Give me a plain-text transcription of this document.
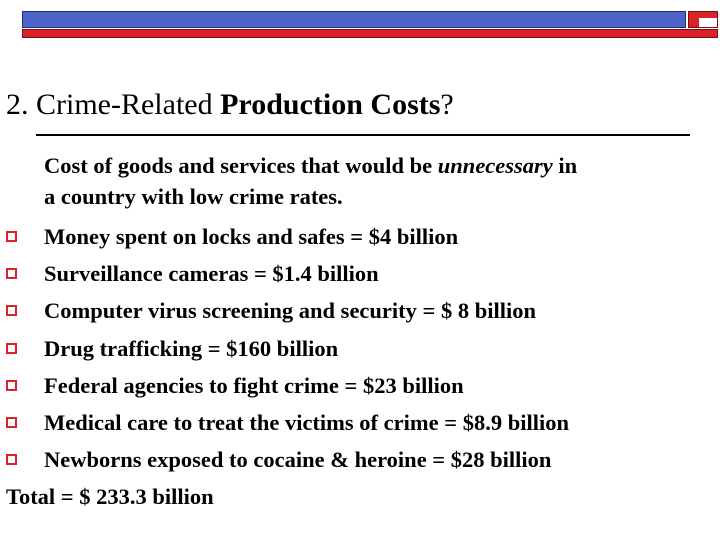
2. Crime-Related Production Costs?
Cost of goods and services that would be unnecessary in
a country with low crime rates.
Money spent on locks and safes = $4 billion
Surveillance cameras = $1.4 billion
Computer virus screening and security = $ 8 billion
Drug trafficking = $160 billion
Federal agencies to fight crime = $23 billion
Medical care to treat the victims of crime = $8.9 billion
Newborns exposed to cocaine & heroine = $28 billion
Total = $ 233.3 billion
